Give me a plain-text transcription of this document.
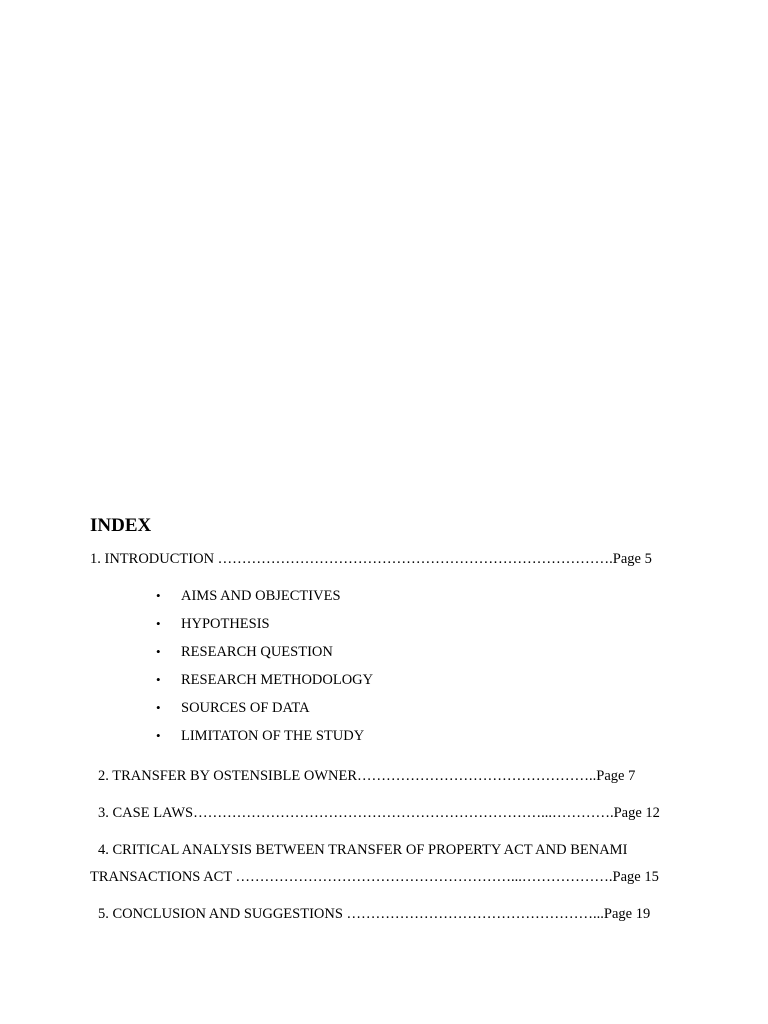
INDEX
1. INTRODUCTION ……………………………………………………………………….Page 5
• AIMS AND OBJECTIVES
• HYPOTHESIS
• RESEARCH QUESTION
• RESEARCH METHODOLOGY
• SOURCES OF DATA
• LIMITATON OF THE STUDY
2. TRANSFER BY OSTENSIBLE OWNER…………………………………………..Page 7
3. CASE LAWS………………………………………………………………...………….Page 12
4. CRITICAL ANALYSIS BETWEEN TRANSFER OF PROPERTY ACT AND BENAMI
TRANSACTIONS ACT …………………………………………………...……………….Page 15
5. CONCLUSION AND SUGGESTIONS ……………………………………………...Page 19
